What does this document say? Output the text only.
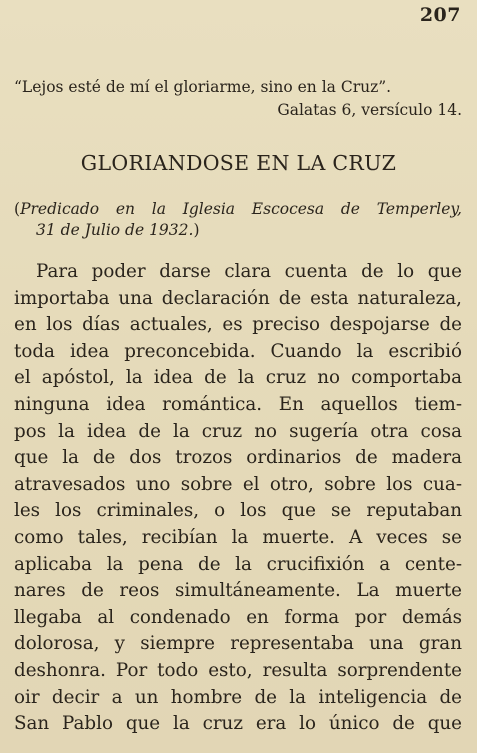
207
“Lejos esté de mí el gloriarme, sino en la Cruz”.
Galatas 6, versículo 14.
GLORIANDOSE EN LA CRUZ
(Predicado en la Iglesia Escocesa de Temperley,
31 de Julio de 1932.)
Para poder darse clara cuenta de lo que
importaba una declaración de esta naturaleza,
en los días actuales, es preciso despojarse de
toda idea preconcebida. Cuando la escribió
el apóstol, la idea de la cruz no comportaba
ninguna idea romántica. En aquellos tiem-
pos la idea de la cruz no sugería otra cosa
que la de dos trozos ordinarios de madera
atravesados uno sobre el otro, sobre los cua-
les los criminales, o los que se reputaban
como tales, recibían la muerte. A veces se
aplicaba la pena de la crucifixión a cente-
nares de reos simultáneamente. La muerte
llegaba al condenado en forma por demás
dolorosa, y siempre representaba una gran
deshonra. Por todo esto, resulta sorprendente
oir decir a un hombre de la inteligencia de
San Pablo que la cruz era lo único de que
